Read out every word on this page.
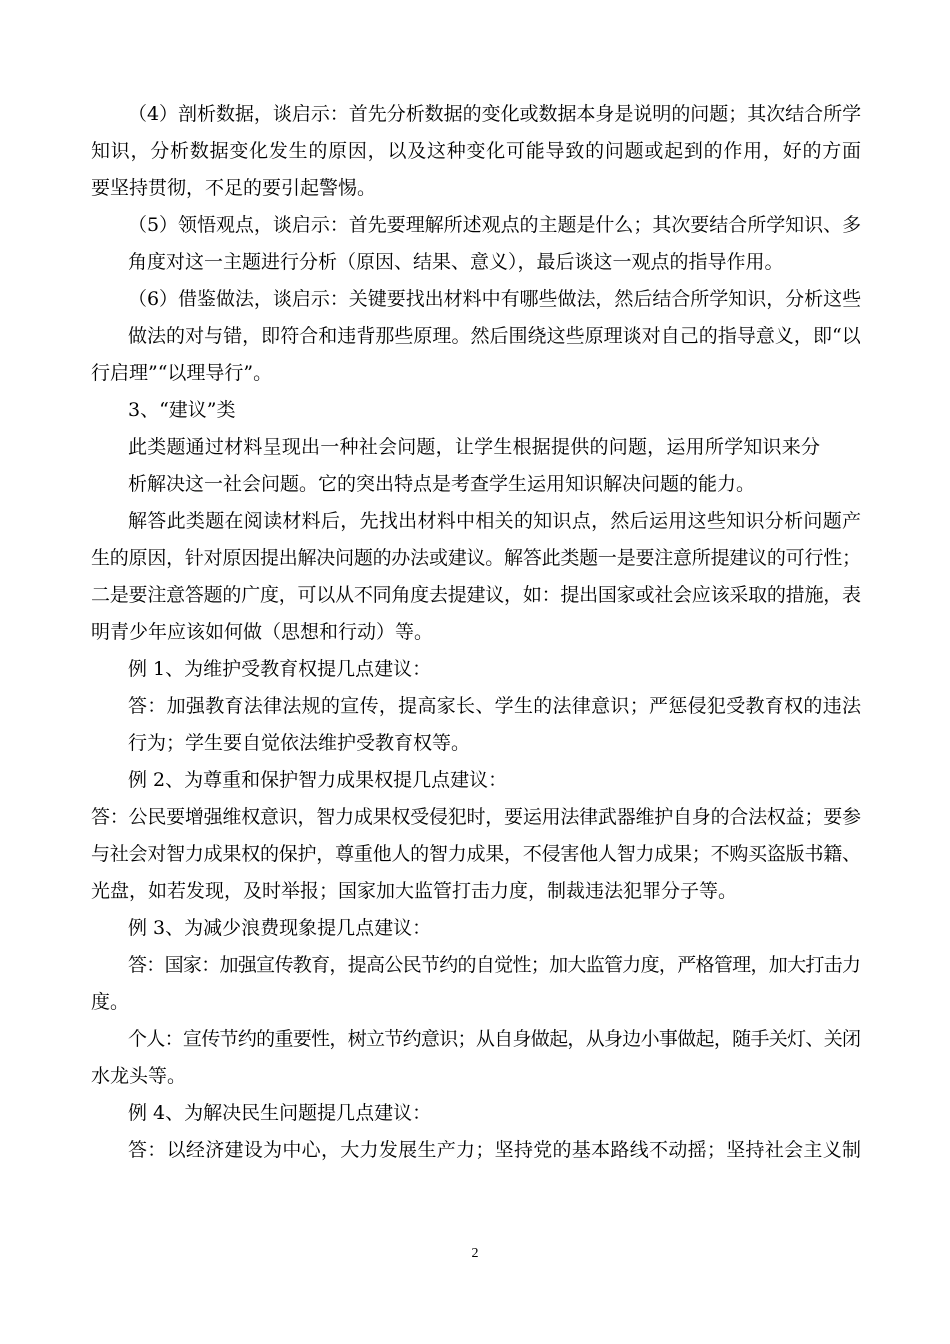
（4）剖析数据，谈启示：首先分析数据的变化或数据本身是说明的问题；其次结合所学
知识，分析数据变化发生的原因，以及这种变化可能导致的问题或起到的作用，好的方面
要坚持贯彻，不足的要引起警惕。
（5）领悟观点，谈启示：首先要理解所述观点的主题是什么；其次要结合所学知识、多
角度对这一主题进行分析（原因、结果、意义），最后谈这一观点的指导作用。
（6）借鉴做法，谈启示：关键要找出材料中有哪些做法，然后结合所学知识，分析这些
做法的对与错，即符合和违背那些原理。然后围绕这些原理谈对自己的指导意义，即“以
行启理”“以理导行”。
3、“建议”类
此类题通过材料呈现出一种社会问题，让学生根据提供的问题，运用所学知识来分
析解决这一社会问题。它的突出特点是考查学生运用知识解决问题的能力。
解答此类题在阅读材料后，先找出材料中相关的知识点，然后运用这些知识分析问题产
生的原因，针对原因提出解决问题的办法或建议。解答此类题一是要注意所提建议的可行性；
二是要注意答题的广度，可以从不同角度去提建议，如：提出国家或社会应该采取的措施，表
明青少年应该如何做（思想和行动）等。
例 1、为维护受教育权提几点建议：
答：加强教育法律法规的宣传，提高家长、学生的法律意识；严惩侵犯受教育权的违法
行为；学生要自觉依法维护受教育权等。
例 2、为尊重和保护智力成果权提几点建议：
答：公民要增强维权意识，智力成果权受侵犯时，要运用法律武器维护自身的合法权益；要参
与社会对智力成果权的保护，尊重他人的智力成果，不侵害他人智力成果；不购买盗版书籍、
光盘，如若发现，及时举报；国家加大监管打击力度，制裁违法犯罪分子等。
例 3、为减少浪费现象提几点建议：
答：国家：加强宣传教育，提高公民节约的自觉性；加大监管力度，严格管理，加大打击力
度。
个人：宣传节约的重要性，树立节约意识；从自身做起，从身边小事做起，随手关灯、关闭
水龙头等。
例 4、为解决民生问题提几点建议：
答：以经济建设为中心，大力发展生产力；坚持党的基本路线不动摇；坚持社会主义制
2
